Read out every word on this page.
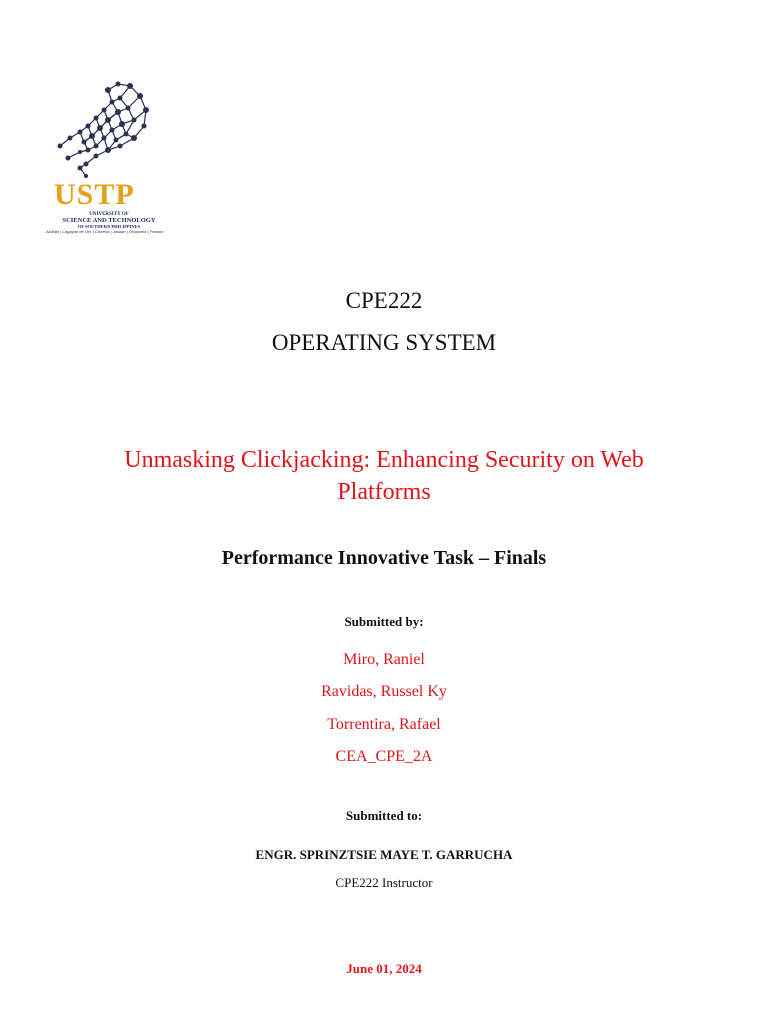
USTP
UNIVERSITY OF
SCIENCE AND TECHNOLOGY
OF SOUTHERN PHILIPPINES
Alubijid | Cagayan de Oro | Claveria | Jasaan | Oroquieta | Panaon
CPE222
OPERATING SYSTEM
Unmasking Clickjacking: Enhancing Security on Web Platforms
Performance Innovative Task – Finals
Submitted by:
Miro, Raniel
Ravidas, Russel Ky
Torrentira, Rafael
CEA_CPE_2A
Submitted to:
ENGR. SPRINZTSIE MAYE T. GARRUCHA
CPE222 Instructor
June 01, 2024
